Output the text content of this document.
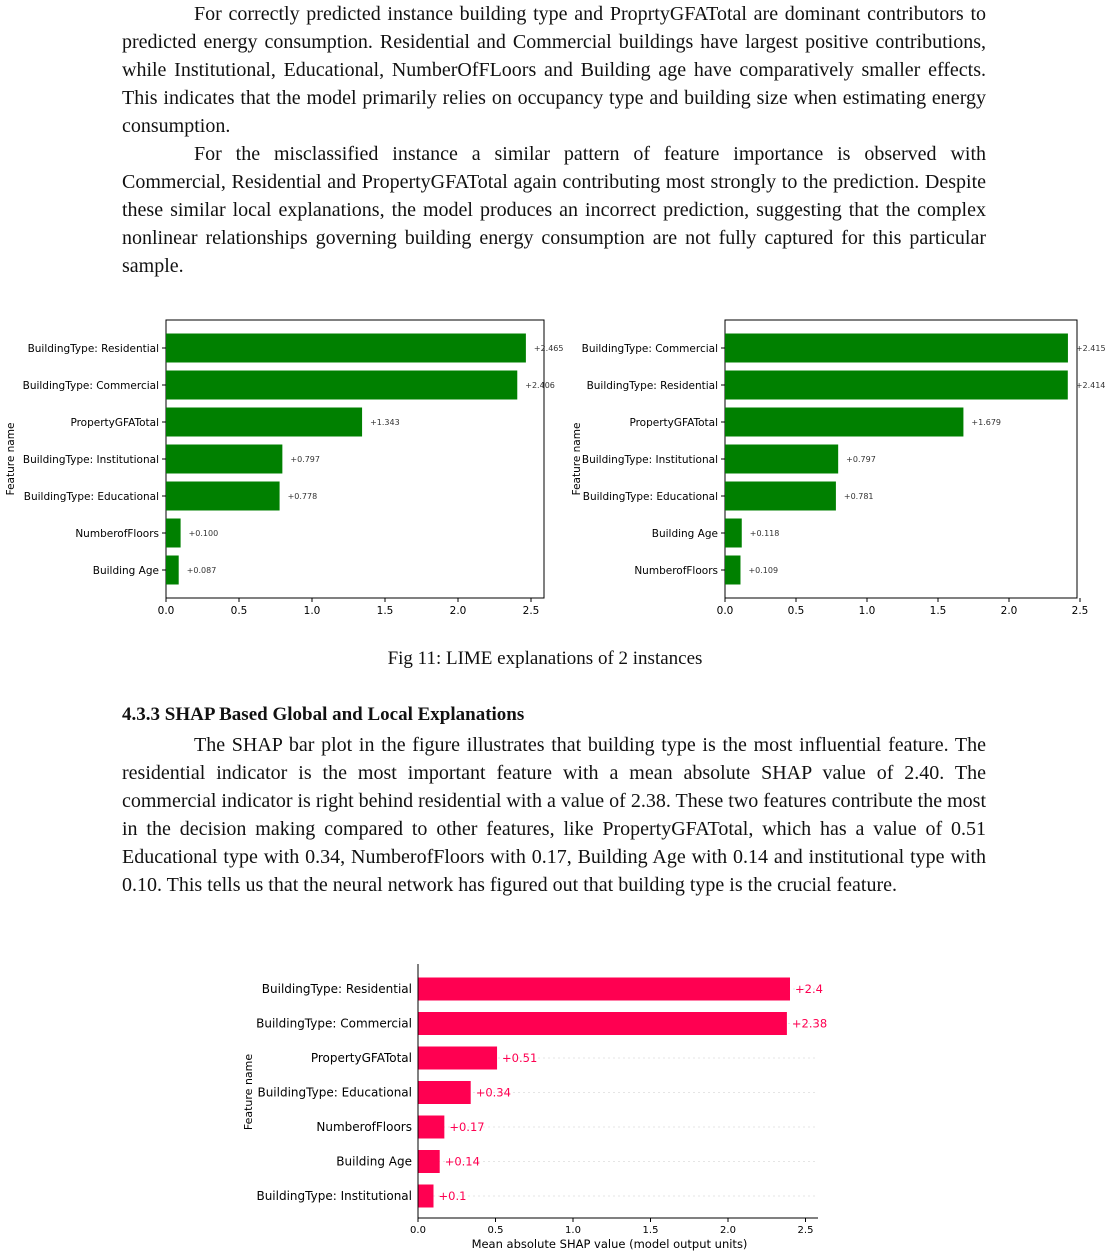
For correctly predicted instance building type and ProprtyGFATotal are dominant contributors to predicted energy consumption. Residential and Commercial buildings have largest positive contributions, while Institutional, Educational, NumberOfFLoors and Building age have comparatively smaller effects. This indicates that the model primarily relies on occupancy type and building size when estimating energy consumption.

For the misclassified instance a similar pattern of feature importance is observed with Commercial, Residential and PropertyGFATotal again contributing most strongly to the prediction. Despite these similar local explanations, the model produces an incorrect prediction, suggesting that the complex nonlinear relationships governing building energy consumption are not fully captured for this particular sample.

BuildingType: Residential	+2.465
BuildingType: Commercial	+2.406
PropertyGFATotal	+1.343
BuildingType: Institutional	+0.797
BuildingType: Educational	+0.778
NumberofFloors	+0.100
Building Age	+0.087
0.0	0.5	1.0	1.5	2.0	2.5
Feature name
BuildingType: Commercial	+2.415
BuildingType: Residential	+2.414
PropertyGFATotal	+1.679
BuildingType: Institutional	+0.797
BuildingType: Educational	+0.781
Building Age	+0.118
NumberofFloors	+0.109
0.0	0.5	1.0	1.5	2.0	2.5
Feature name
Fig 11: LIME explanations of 2 instances
4.3.3 SHAP Based Global and Local Explanations

The SHAP bar plot in the figure illustrates that building type is the most influential feature. The residential indicator is the most important feature with a mean absolute SHAP value of 2.40. The commercial indicator is right behind residential with a value of 2.38. These two features contribute the most in the decision making compared to other features, like PropertyGFATotal, which has a value of 0.51 Educational type with 0.34, NumberofFloors with 0.17, Building Age with 0.14 and institutional type with 0.10. This tells us that the neural network has figured out that building type is the crucial feature.

BuildingType: Residential	+2.4
BuildingType: Commercial	+2.38
PropertyGFATotal	+0.51
BuildingType: Educational	+0.34
NumberofFloors	+0.17
Building Age	+0.14
BuildingType: Institutional +0.1
0.0	0.5	1.0	1.5	2.0	2.5
Mean absolute SHAP value (model output units)
Feature name
